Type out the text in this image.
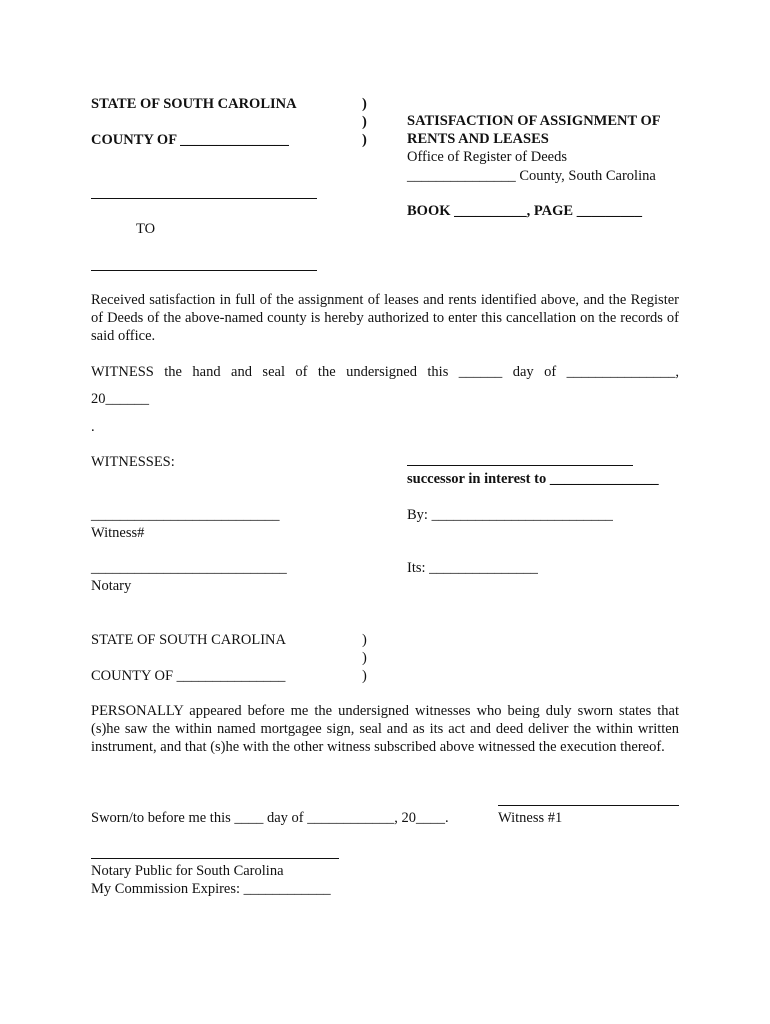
STATE OF SOUTH CAROLINA
COUNTY OF _______________
)
)
)
SATISFACTION OF ASSIGNMENT OF
RENTS AND LEASES
Office of Register of Deeds
_______________ County, South Carolina
BOOK __________, PAGE _________
TO
Received satisfaction in full of the assignment of leases and rents identified above, and the Register of Deeds of the above-named county is hereby authorized to enter this cancellation on the records of said office.
WITNESS the hand and seal of the undersigned this ______ day of _______________,
20______
.
WITNESSES:
successor in interest to _______________
__________________________	By: _________________________
Witness#
___________________________	Its: _______________
Notary
STATE OF SOUTH CAROLINA
COUNTY OF _______________
)
)
)
PERSONALLY appeared before me the undersigned witnesses who being duly sworn states that (s)he saw the within named mortgagee sign, seal and as its act and deed deliver the within written instrument, and that (s)he with the other witness subscribed above witnessed the execution thereof.
Sworn/to before me this ____ day of ____________, 20____.	Witness #1
Notary Public for South Carolina
My Commission Expires: ____________
